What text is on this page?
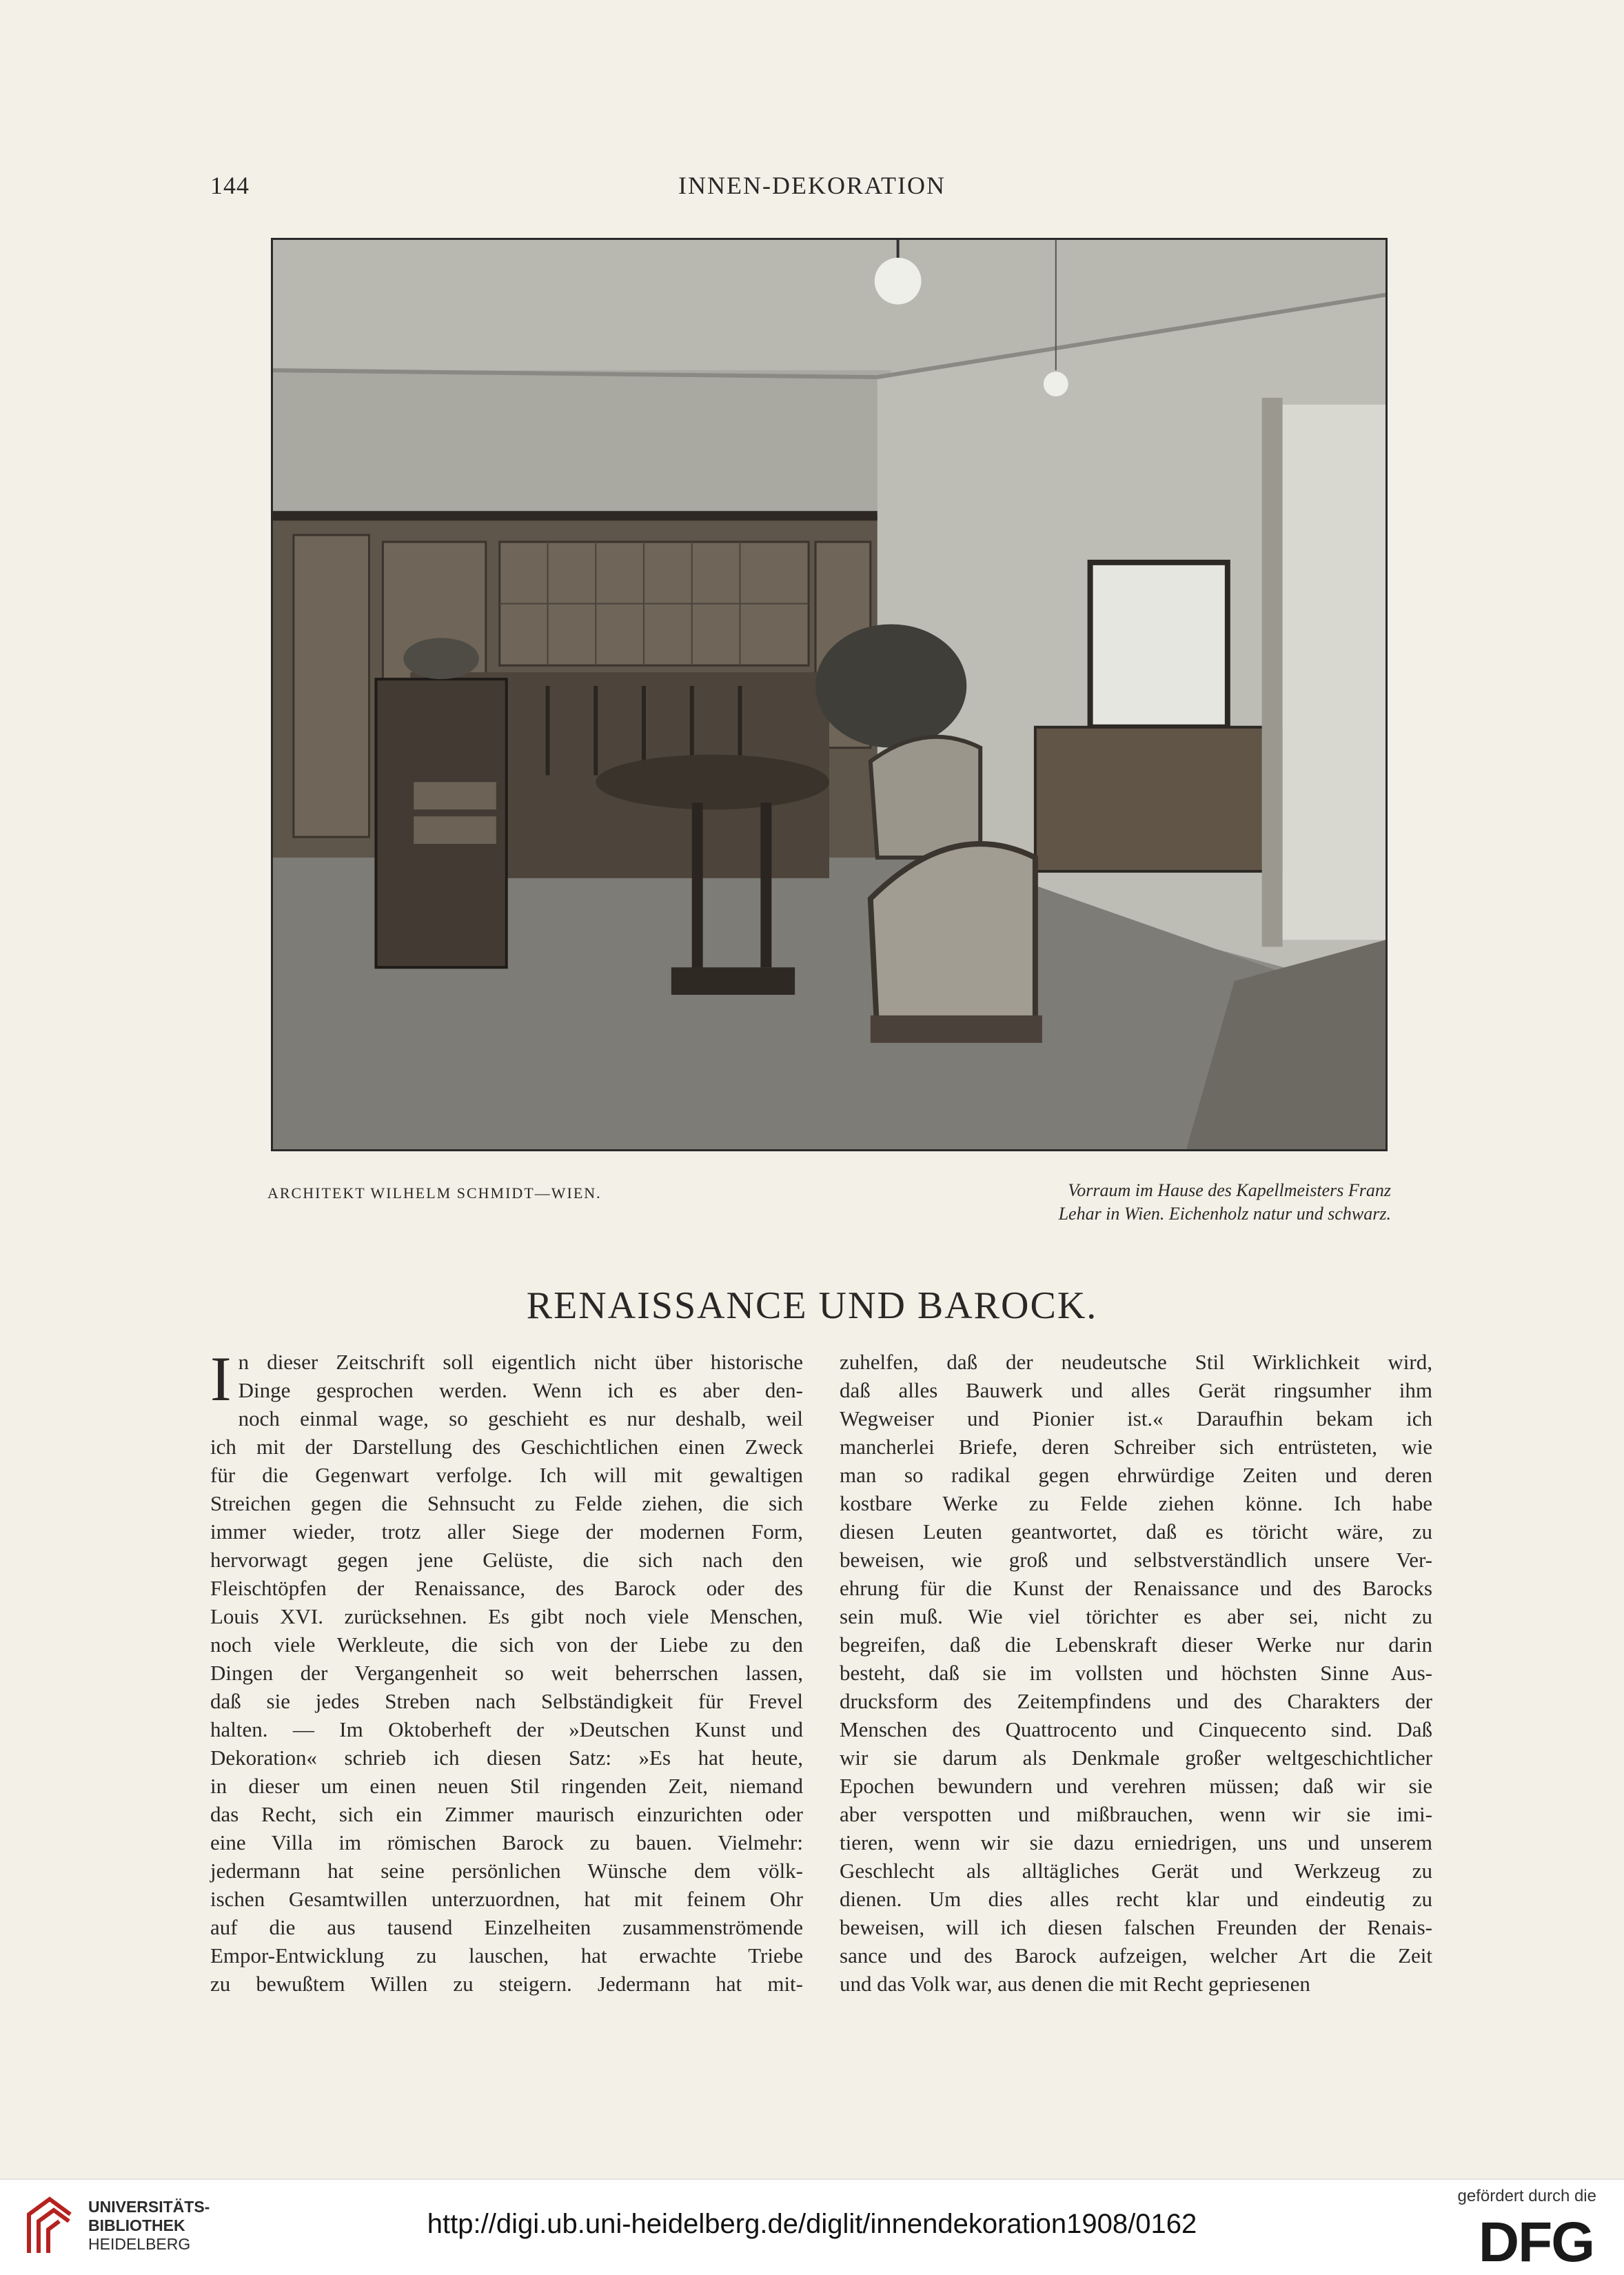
144	INNEN-DEKORATION
ARCHITEKT WILHELM SCHMIDT—WIEN.	Vorraum im Hause des Kapellmeisters Franz
Lehar in Wien. Eichenholz natur und schwarz.
RENAISSANCE UND BAROCK.
I n dieser Zeitschrift soll eigentlich nicht über historische
Dinge gesprochen werden. Wenn ich es aber den-
noch einmal wage, so geschieht es nur deshalb, weil
ich mit der Darstellung des Geschichtlichen einen Zweck
für die Gegenwart verfolge. Ich will mit gewaltigen
Streichen gegen die Sehnsucht zu Felde ziehen, die sich
immer wieder, trotz aller Siege der modernen Form,
hervorwagt gegen jene Gelüste, die sich nach den
Fleischtöpfen der Renaissance, des Barock oder des
Louis XVI. zurücksehnen. Es gibt noch viele Menschen,
noch viele Werkleute, die sich von der Liebe zu den
Dingen der Vergangenheit so weit beherrschen lassen,
daß sie jedes Streben nach Selbständigkeit für Frevel
halten. — Im Oktoberheft der »Deutschen Kunst und
Dekoration« schrieb ich diesen Satz: »Es hat heute,
in dieser um einen neuen Stil ringenden Zeit, niemand
das Recht, sich ein Zimmer maurisch einzurichten oder
eine Villa im römischen Barock zu bauen. Vielmehr:
jedermann hat seine persönlichen Wünsche dem völk-
ischen Gesamtwillen unterzuordnen, hat mit feinem Ohr
auf die aus tausend Einzelheiten zusammenströmende
Empor-Entwicklung zu lauschen, hat erwachte Triebe
zu bewußtem Willen zu steigern. Jedermann hat mit-
zuhelfen, daß der neudeutsche Stil Wirklichkeit wird,
daß alles Bauwerk und alles Gerät ringsumher ihm
Wegweiser und Pionier ist.« Daraufhin bekam ich
mancherlei Briefe, deren Schreiber sich entrüsteten, wie
man so radikal gegen ehrwürdige Zeiten und deren
kostbare Werke zu Felde ziehen könne. Ich habe
diesen Leuten geantwortet, daß es töricht wäre, zu
beweisen, wie groß und selbstverständlich unsere Ver-
ehrung für die Kunst der Renaissance und des Barocks
sein muß. Wie viel törichter es aber sei, nicht zu
begreifen, daß die Lebenskraft dieser Werke nur darin
besteht, daß sie im vollsten und höchsten Sinne Aus-
drucksform des Zeitempfindens und des Charakters der
Menschen des Quattrocento und Cinquecento sind. Daß
wir sie darum als Denkmale großer weltgeschichtlicher
Epochen bewundern und verehren müssen; daß wir sie
aber verspotten und mißbrauchen, wenn wir sie imi-
tieren, wenn wir sie dazu erniedrigen, uns und unserem
Geschlecht als alltägliches Gerät und Werkzeug zu
dienen. Um dies alles recht klar und eindeutig zu
beweisen, will ich diesen falschen Freunden der Renais-
sance und des Barock aufzeigen, welcher Art die Zeit
und das Volk war, aus denen die mit Recht gepriesenen
UNIVERSITÄTS-
BIBLIOTHEK
HEIDELBERG
http://digi.ub.uni-heidelberg.de/diglit/innendekoration1908/0162
gefördert durch die
DFG
